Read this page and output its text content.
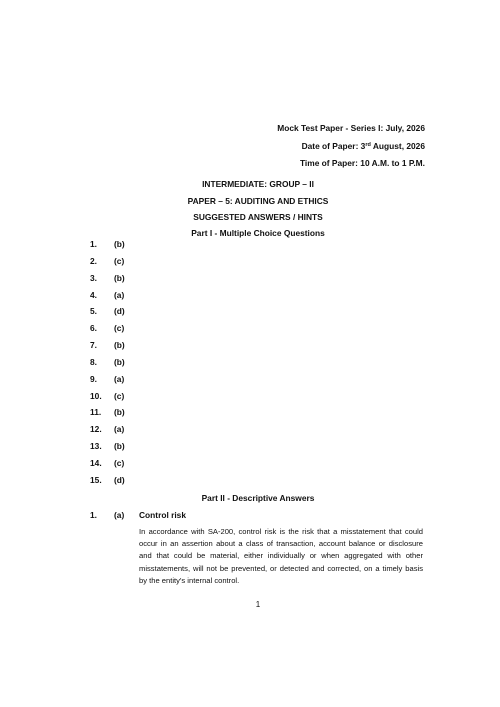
Mock Test Paper - Series I: July, 2026
Date of Paper: 3rd August, 2026
Time of Paper: 10 A.M. to 1 P.M.
INTERMEDIATE: GROUP – II
PAPER – 5: AUDITING AND ETHICS
SUGGESTED ANSWERS / HINTS
Part I - Multiple Choice Questions
1.	(b)
2.	(c)
3.	(b)
4.	(a)
5.	(d)
6.	(c)
7.	(b)
8.	(b)
9.	(a)
10.	(c)
11.	(b)
12.	(a)
13.	(b)
14.	(c)
15.	(d)
Part II - Descriptive Answers
1. (a) Control risk
In accordance with SA-200, control risk is the risk that a misstatement that could occur in an assertion about a class of transaction, account balance or disclosure and that could be material, either individually or when aggregated with other misstatements, will not be prevented, or detected and corrected, on a timely basis by the entity's internal control.
1
